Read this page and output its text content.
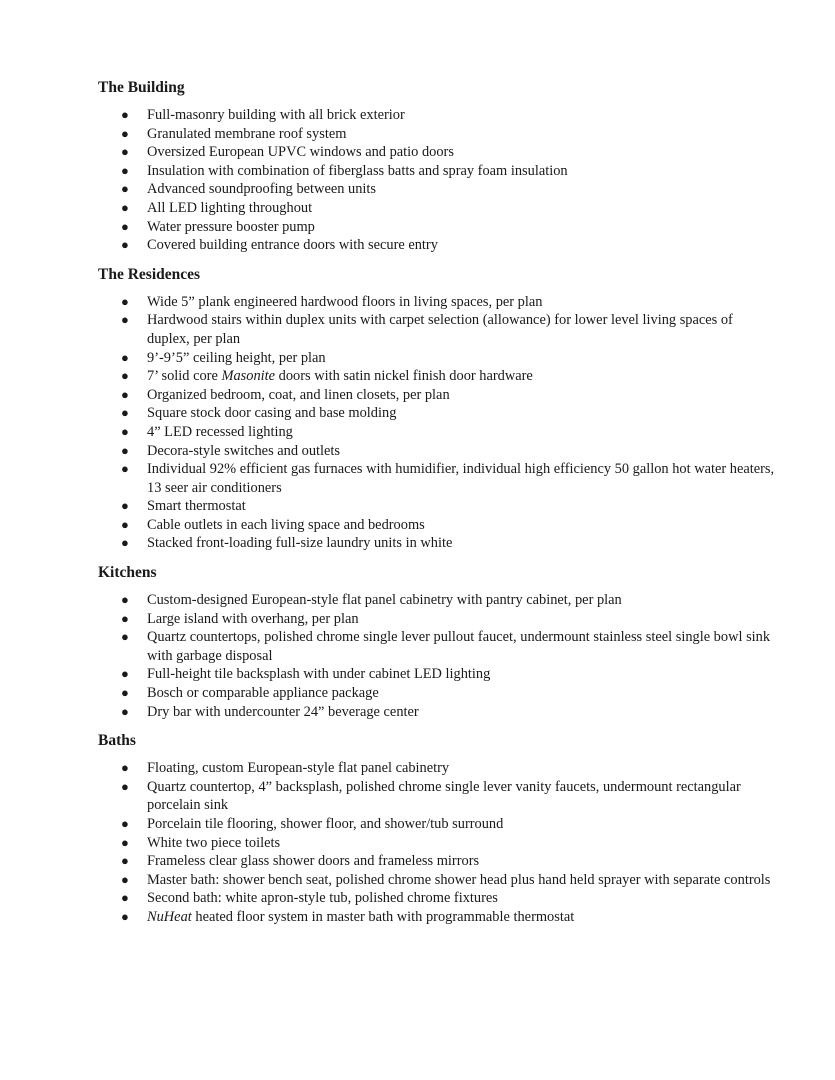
The Building
● Full-masonry building with all brick exterior
● Granulated membrane roof system
● Oversized European UPVC windows and patio doors
● Insulation with combination of fiberglass batts and spray foam insulation
● Advanced soundproofing between units
● All LED lighting throughout
● Water pressure booster pump
● Covered building entrance doors with secure entry
The Residences
● Wide 5” plank engineered hardwood floors in living spaces, per plan
● Hardwood stairs within duplex units with carpet selection (allowance) for lower level living spaces of duplex, per plan
● 9’-9’5” ceiling height, per plan
● 7’ solid core Masonite doors with satin nickel finish door hardware
● Organized bedroom, coat, and linen closets, per plan
● Square stock door casing and base molding
● 4” LED recessed lighting
● Decora-style switches and outlets
● Individual 92% efficient gas furnaces with humidifier, individual high efficiency 50 gallon hot water heaters, 13 seer air conditioners
● Smart thermostat
● Cable outlets in each living space and bedrooms
● Stacked front-loading full-size laundry units in white
Kitchens
● Custom-designed European-style flat panel cabinetry with pantry cabinet, per plan
● Large island with overhang, per plan
● Quartz countertops, polished chrome single lever pullout faucet, undermount stainless steel single bowl sink with garbage disposal
● Full-height tile backsplash with under cabinet LED lighting
● Bosch or comparable appliance package
● Dry bar with undercounter 24” beverage center
Baths
● Floating, custom European-style flat panel cabinetry
● Quartz countertop, 4” backsplash, polished chrome single lever vanity faucets, undermount rectangular porcelain sink
● Porcelain tile flooring, shower floor, and shower/tub surround
● White two piece toilets
● Frameless clear glass shower doors and frameless mirrors
● Master bath: shower bench seat, polished chrome shower head plus hand held sprayer with separate controls
● Second bath: white apron-style tub, polished chrome fixtures
● NuHeat heated floor system in master bath with programmable thermostat
